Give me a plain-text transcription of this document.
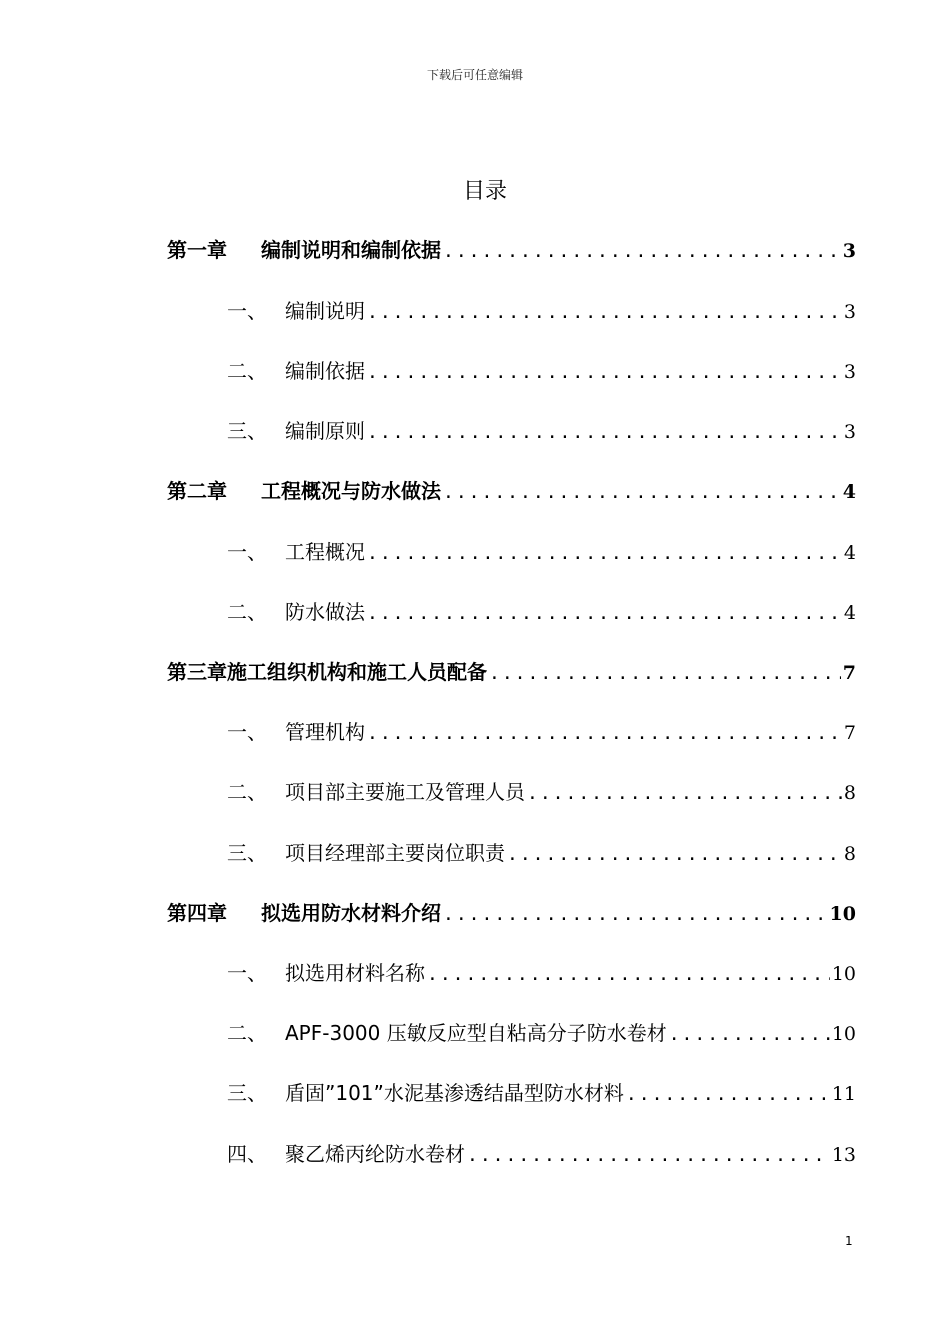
下载后可任意编辑
目录
第一章	编制说明和编制依据 .....	3
一、 编制说明 .....	3
二、 编制依据 .....	3
三、 编制原则 .....	3
第二章	工程概况与防水做法 .....	4
一、 工程概况 .....	4
二、 防水做法 .....	4
第三章 施工组织机构和施工人员配备 .....	7
一、 管理机构 .....	7
二、 项目部主要施工及管理人员 .....	8
三、 项目经理部主要岗位职责 .....	8
第四章	拟选用防水材料介绍 .....	10
一、 拟选用材料名称 .....	10
二、 APF-3000 压敏反应型自粘高分子防水卷材 .....	10
三、 盾固”101”水泥基渗透结晶型防水材料 .....	11
四、 聚乙烯丙纶防水卷材 .....	13
1
